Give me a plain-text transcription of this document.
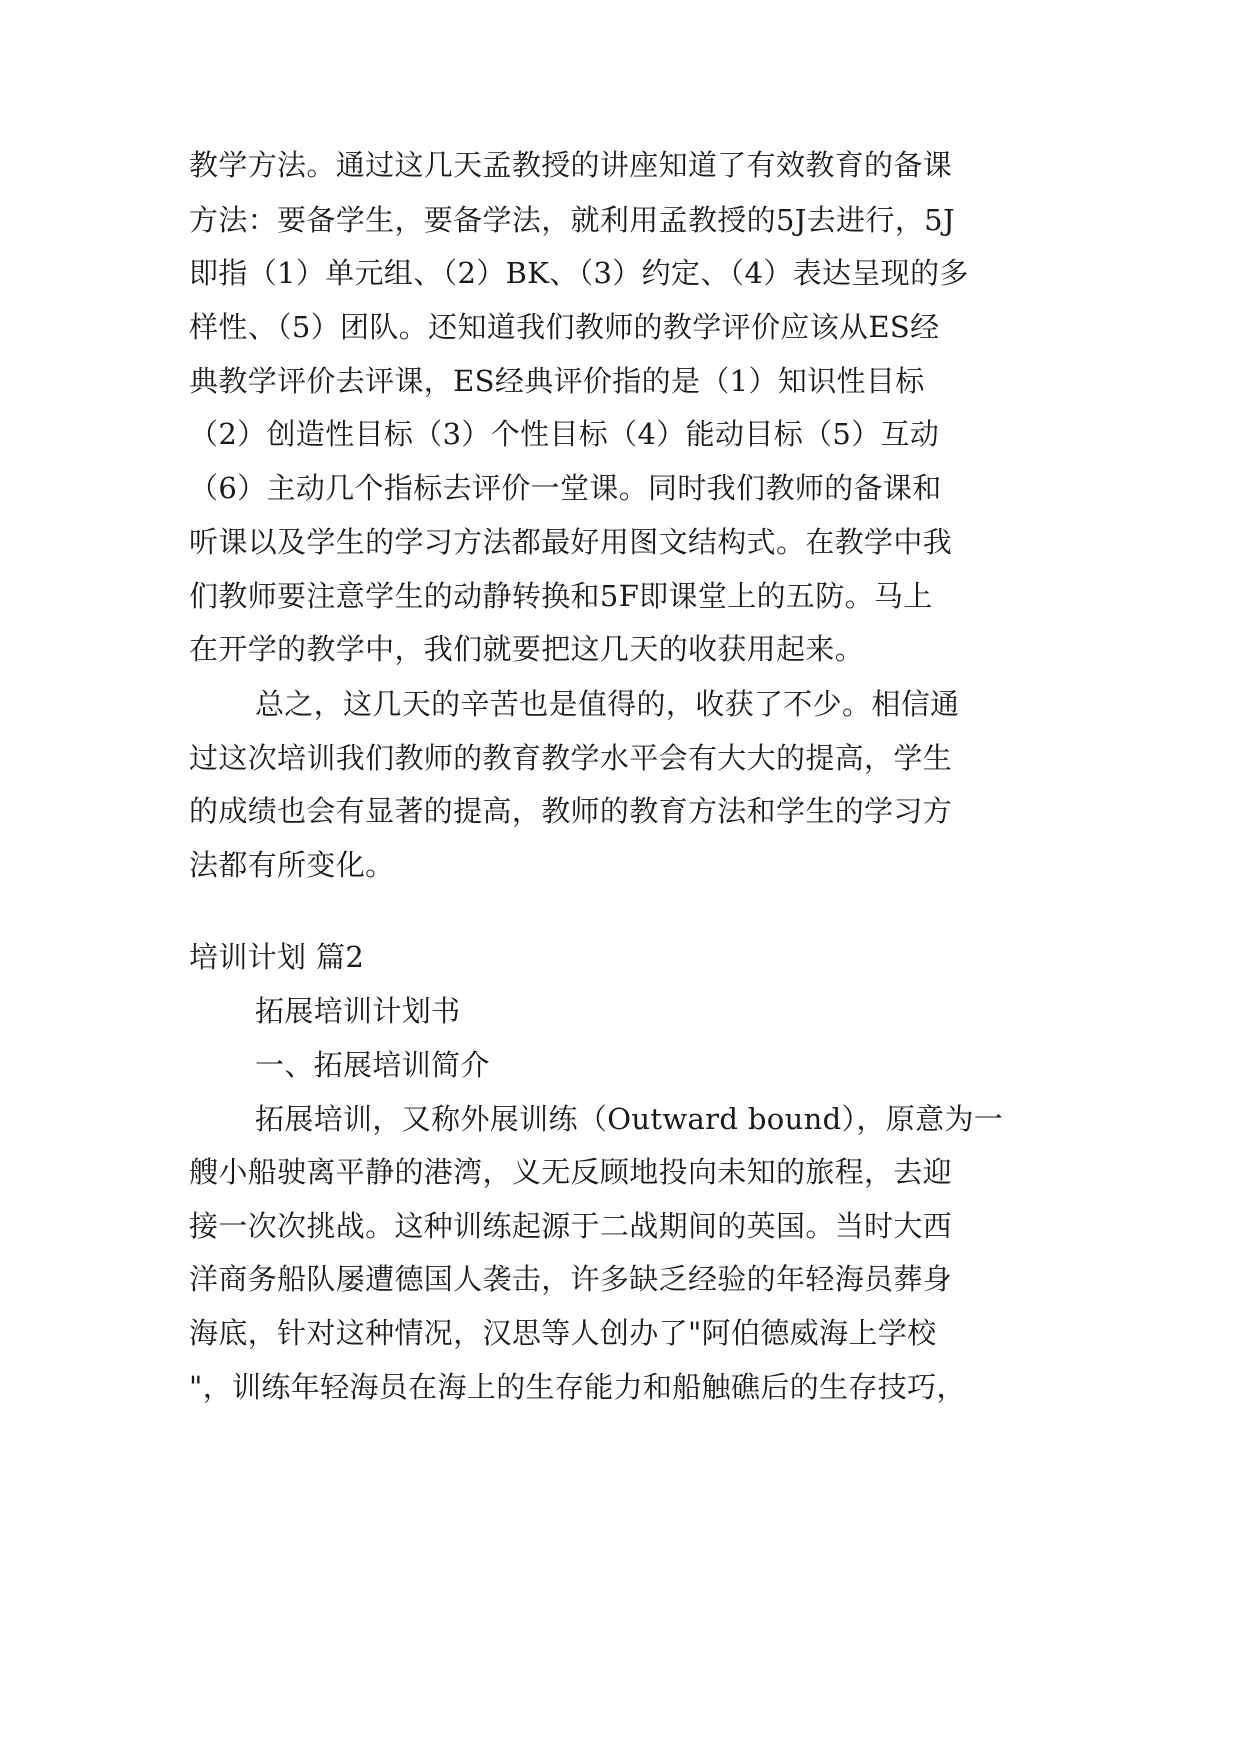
教学方法。通过这几天孟教授的讲座知道了有效教育的备课
方法：要备学生，要备学法，就利用孟教授的5J去进行，5J
即指（1）单元组、（2）BK、（3）约定、（4）表达呈现的多
样性、（5）团队。还知道我们教师的教学评价应该从ES经
典教学评价去评课，ES经典评价指的是（1）知识性目标
（2）创造性目标（3）个性目标（4）能动目标（5）互动
（6）主动几个指标去评价一堂课。同时我们教师的备课和
听课以及学生的学习方法都最好用图文结构式。在教学中我
们教师要注意学生的动静转换和5F即课堂上的五防。马上
在开学的教学中，我们就要把这几天的收获用起来。
总之，这几天的辛苦也是值得的，收获了不少。相信通
过这次培训我们教师的教育教学水平会有大大的提高，学生
的成绩也会有显著的提高，教师的教育方法和学生的学习方
法都有所变化。
培训计划 篇2
拓展培训计划书
一、拓展培训简介
拓展培训，又称外展训练（Outward bound），原意为一
艘小船驶离平静的港湾，义无反顾地投向未知的旅程，去迎
接一次次挑战。这种训练起源于二战期间的英国。当时大西
洋商务船队屡遭德国人袭击，许多缺乏经验的年轻海员葬身
海底，针对这种情况，汉思等人创办了"阿伯德威海上学校
"，训练年轻海员在海上的生存能力和船触礁后的生存技巧，
